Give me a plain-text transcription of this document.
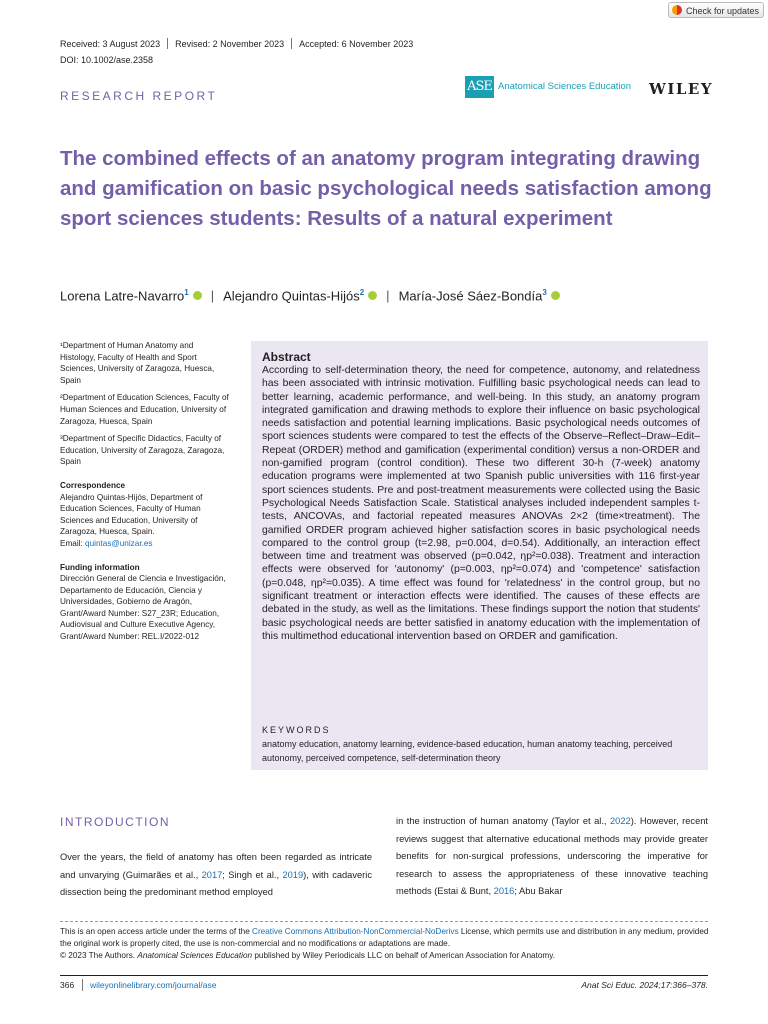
Check for updates
Received: 3 August 2023 Revised: 2 November 2023 Accepted: 6 November 2023
DOI: 10.1002/ase.2358
RESEARCH REPORT
ASE Anatomical Sciences Education WILEY
The combined effects of an anatomy program integrating drawing and gamification on basic psychological needs satisfaction among sport sciences students: Results of a natural experiment
Lorena Latre-Navarro$^1$ | Alejandro Quintas-Hijós$^2$ | María-José Sáez-Bondía$^3$

¹Department of Human Anatomy and Histology, Faculty of Health and Sport Sciences, University of Zaragoza, Huesca, Spain

²Department of Education Sciences, Faculty of Human Sciences and Education, University of Zaragoza, Huesca, Spain

³Department of Specific Didactics, Faculty of Education, University of Zaragoza, Zaragoza, Spain

Correspondence

Alejandro Quintas-Hijós, Department of Education Sciences, Faculty of Human Sciences and Education, University of Zaragoza, Huesca, Spain.

Email: quintas@unizar.es

Funding information

Dirección General de Ciencia e Investigación, Departamento de Educación, Ciencia y Universidades, Gobierno de Aragón, Grant/Award Number: S27_23R; Education, Audiovisual and Culture Executive Agency, Grant/Award Number: REL.I/2022-012

Abstract

According to self-determination theory, the need for competence, autonomy, and relatedness has been associated with intrinsic motivation. Fulfilling basic psychological needs can lead to better learning, academic performance, and well-being. In this study, an anatomy program integrated gamification and drawing methods to explore their influence on basic psychological needs satisfaction and potential learning implications. Basic psychological needs outcomes of sport sciences students were compared to test the effects of the Observe–Reflect–Draw–Edit–Repeat (ORDER) method and gamification (experimental condition) versus a non-ORDER and non-gamified program (control condition). These two different 30-h (7-week) anatomy education programs were implemented at two Spanish public universities with 116 first-year sport sciences students. Pre and post-treatment measurements were collected using the Basic Psychological Needs Satisfaction Scale. Statistical analyses included independent samples t-tests, ANCOVAs, and factorial repeated measures ANOVAs 2×2 (time×treatment). The gamified ORDER program achieved higher satisfaction scores in basic psychological needs compared to the control group (t=2.98, p=0.004, d=0.54). Additionally, an interaction effect between time and treatment was observed (p=0.042, ηp²=0.038). Treatment and interaction effects were observed for 'autonomy' (p=0.003, ηp²=0.074) and 'competence' satisfaction (p=0.048, ηp²=0.035). A time effect was found for 'relatedness' in the control group, but no significant treatment or interaction effects were identified. The causes of these effects are debated in the study, as well as the limitations. These findings support the notion that students' basic psychological needs are better satisfied in anatomy education with the implementation of this multimethod educational intervention based on ORDER and gamification.

KEYWORDS

anatomy education, anatomy learning, evidence-based education, human anatomy teaching, perceived autonomy, perceived competence, self-determination theory

INTRODUCTION

Over the years, the field of anatomy has often been regarded as intricate and unvarying (Guimarães et al., 2017; Singh et al., 2019), with cadaveric dissection being the predominant method employed

in the instruction of human anatomy (Taylor et al., 2022). However, recent reviews suggest that alternative educational methods may provide greater benefits for non-surgical professions, underscoring the imperative for research to assess the appropriateness of these innovative teaching methods (Estai & Bunt, 2016; Abu Bakar

This is an open access article under the terms of the Creative Commons Attribution-NonCommercial-NoDerivs License, which permits use and distribution in any medium, provided the original work is properly cited, the use is non-commercial and no modifications or adaptations are made.
© 2023 The Authors. Anatomical Sciences Education published by Wiley Periodicals LLC on behalf of American Association for Anatomy.

366 wileyonlinelibrary.com/journal/ase	Anat Sci Educ. 2024;17:366–378.
